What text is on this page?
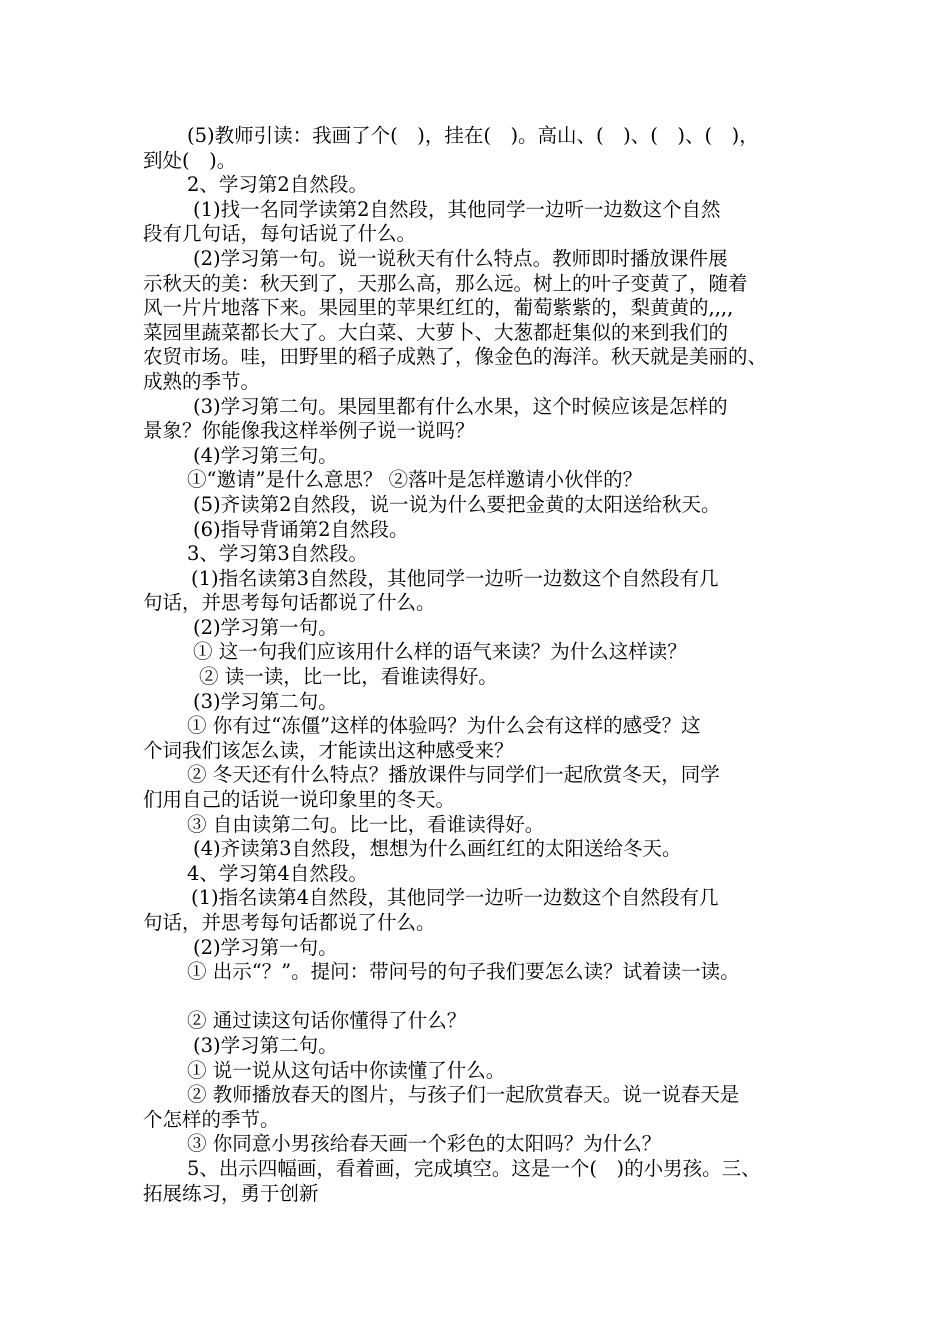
(5)教师引读：我画了个(　)，挂在(　)。高山、(　)、(　)、(　)，
到处(　)。
2、学习第2自然段。
(1)找一名同学读第2自然段，其他同学一边听一边数这个自然
段有几句话，每句话说了什么。
(2)学习第一句。说一说秋天有什么特点。教师即时播放课件展
示秋天的美：秋天到了，天那么高，那么远。树上的叶子变黄了，随着
风一片片地落下来。果园里的苹果红红的，葡萄紫紫的，梨黄黄的,,,,
菜园里蔬菜都长大了。大白菜、大萝卜、大葱都赶集似的来到我们的
农贸市场。哇，田野里的稻子成熟了，像金色的海洋。秋天就是美丽的、
成熟的季节。
(3)学习第二句。果园里都有什么水果，这个时候应该是怎样的
景象？你能像我这样举例子说一说吗？
(4)学习第三句。
①“邀请”是什么意思？ ②落叶是怎样邀请小伙伴的？
(5)齐读第2自然段，说一说为什么要把金黄的太阳送给秋天。
(6)指导背诵第2自然段。
3、学习第3自然段。
(1)指名读第3自然段，其他同学一边听一边数这个自然段有几
句话，并思考每句话都说了什么。
(2)学习第一句。
① 这一句我们应该用什么样的语气来读？为什么这样读？
② 读一读，比一比，看谁读得好。
(3)学习第二句。
① 你有过“冻僵”这样的体验吗？为什么会有这样的感受？这
个词我们该怎么读，才能读出这种感受来？
② 冬天还有什么特点？播放课件与同学们一起欣赏冬天，同学
们用自己的话说一说印象里的冬天。
③ 自由读第二句。比一比，看谁读得好。
(4)齐读第3自然段，想想为什么画红红的太阳送给冬天。
4、学习第4自然段。
(1)指名读第4自然段，其他同学一边听一边数这个自然段有几
句话，并思考每句话都说了什么。
(2)学习第一句。
① 出示“？”。提问：带问号的句子我们要怎么读？试着读一读。
② 通过读这句话你懂得了什么？
(3)学习第二句。
① 说一说从这句话中你读懂了什么。
② 教师播放春天的图片，与孩子们一起欣赏春天。说一说春天是
个怎样的季节。
③ 你同意小男孩给春天画一个彩色的太阳吗？为什么？
5、出示四幅画，看着画，完成填空。这是一个(　)的小男孩。三、
拓展练习，勇于创新
